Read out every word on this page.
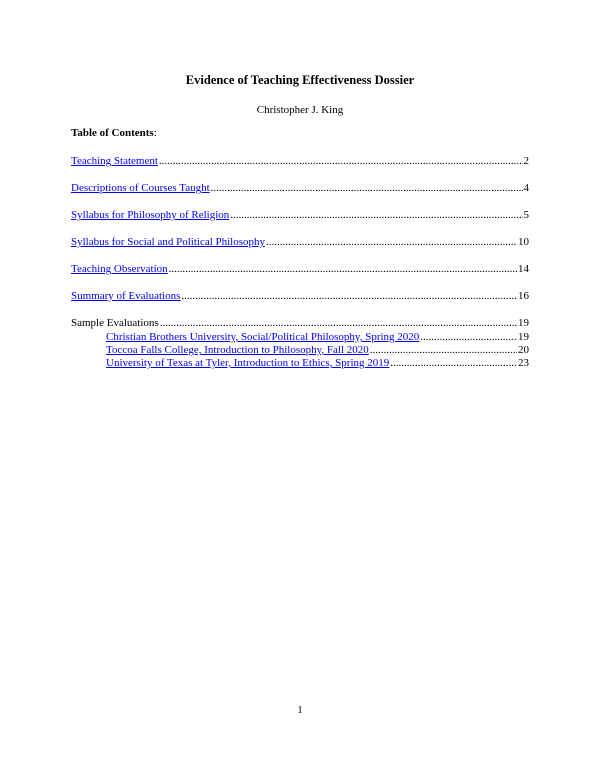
Evidence of Teaching Effectiveness Dossier
Christopher J. King
Table of Contents:
Teaching Statement .....	2
Descriptions of Courses Taught .....	4
Syllabus for Philosophy of Religion .....	5
Syllabus for Social and Political Philosophy .....	10
Teaching Observation .....	14
Summary of Evaluations .....	16
Sample Evaluations .....	19
Christian Brothers University, Social/Political Philosophy, Spring 2020 .....	19
Toccoa Falls College, Introduction to Philosophy, Fall 2020 .....	20
University of Texas at Tyler, Introduction to Ethics, Spring 2019 .....	23
1
